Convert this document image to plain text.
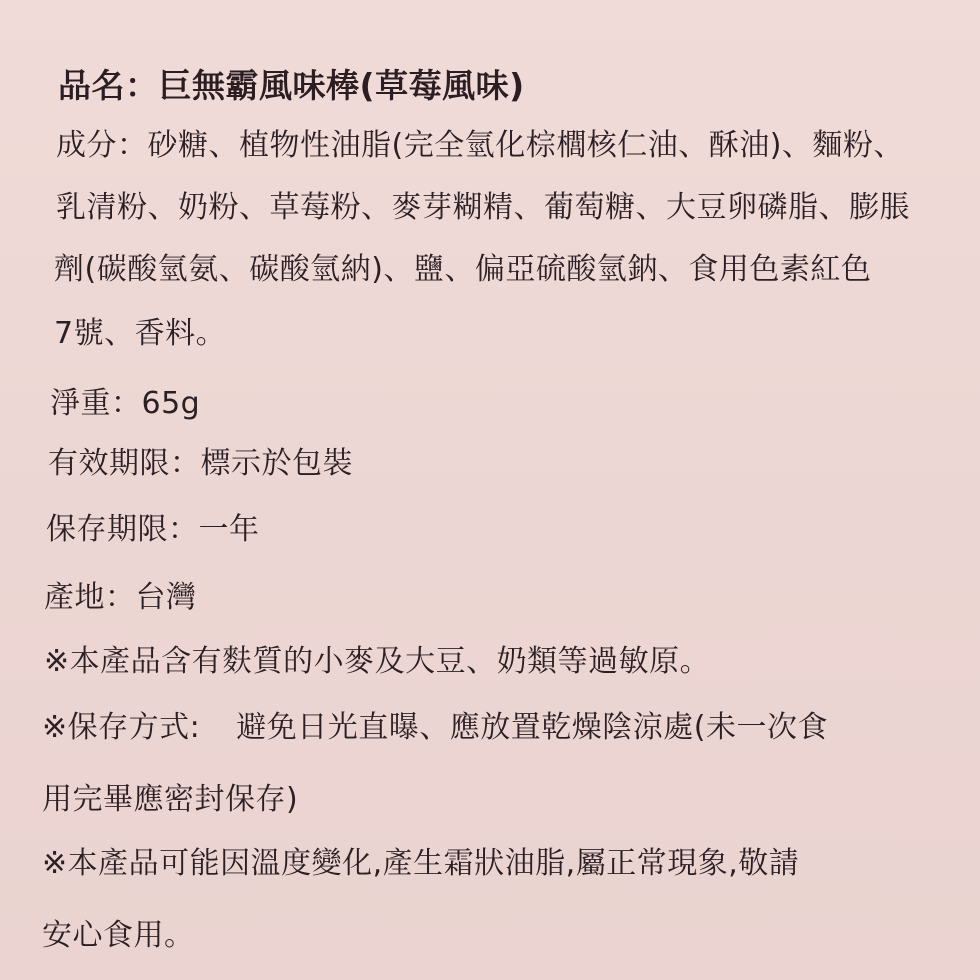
品名：巨無霸風味棒(草莓風味)
成分：砂糖、植物性油脂(完全氫化棕櫚核仁油、酥油)、麵粉、
乳清粉、奶粉、草莓粉、麥芽糊精、葡萄糖、大豆卵磷脂、膨脹
劑(碳酸氫氨、碳酸氫納)、鹽、偏亞硫酸氫鈉、食用色素紅色
7號、香料。
淨重：65g
有效期限：標示於包裝
保存期限：一年
產地：台灣
※本產品含有麩質的小麥及大豆、奶類等過敏原。
※保存方式: 避免日光直曝、應放置乾燥陰涼處(未一次食
用完畢應密封保存)
※本產品可能因溫度變化,產生霜狀油脂,屬正常現象,敬請
安心食用。
